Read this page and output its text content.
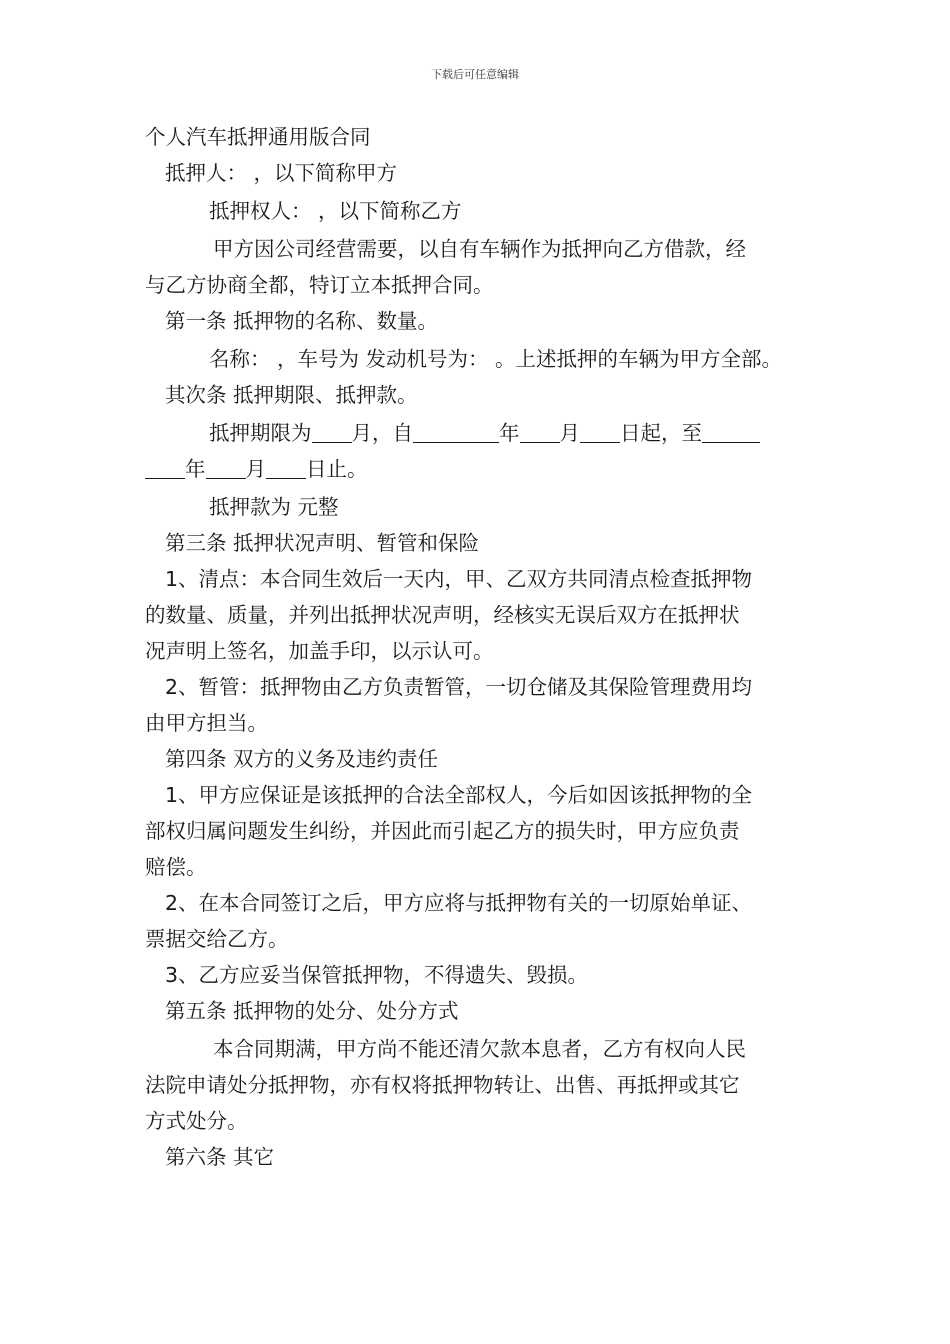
下载后可任意编辑
个人汽车抵押通用版合同
抵押人： ，以下简称甲方
抵押权人： ，以下简称乙方
甲方因公司经营需要，以自有车辆作为抵押向乙方借款，经
与乙方协商全都，特订立本抵押合同。
第一条 抵押物的名称、数量。
名称： ，车号为 发动机号为： 。上述抵押的车辆为甲方全部。
其次条 抵押期限、抵押款。
抵押期限为 月，自	年 月 日起，至
年 月 日止。
抵押款为 元整
第三条 抵押状况声明、暂管和保险
1、清点：本合同生效后一天内，甲、乙双方共同清点检查抵押物
的数量、质量，并列出抵押状况声明，经核实无误后双方在抵押状
况声明上签名，加盖手印，以示认可。
2、暂管：抵押物由乙方负责暂管，一切仓储及其保险管理费用均
由甲方担当。
第四条 双方的义务及违约责任
1、甲方应保证是该抵押的合法全部权人，今后如因该抵押物的全
部权归属问题发生纠纷，并因此而引起乙方的损失时，甲方应负责
赔偿。
2、在本合同签订之后，甲方应将与抵押物有关的一切原始单证、
票据交给乙方。
3、乙方应妥当保管抵押物，不得遗失、毁损。
第五条 抵押物的处分、处分方式
本合同期满，甲方尚不能还清欠款本息者，乙方有权向人民
法院申请处分抵押物，亦有权将抵押物转让、出售、再抵押或其它
方式处分。
第六条 其它
